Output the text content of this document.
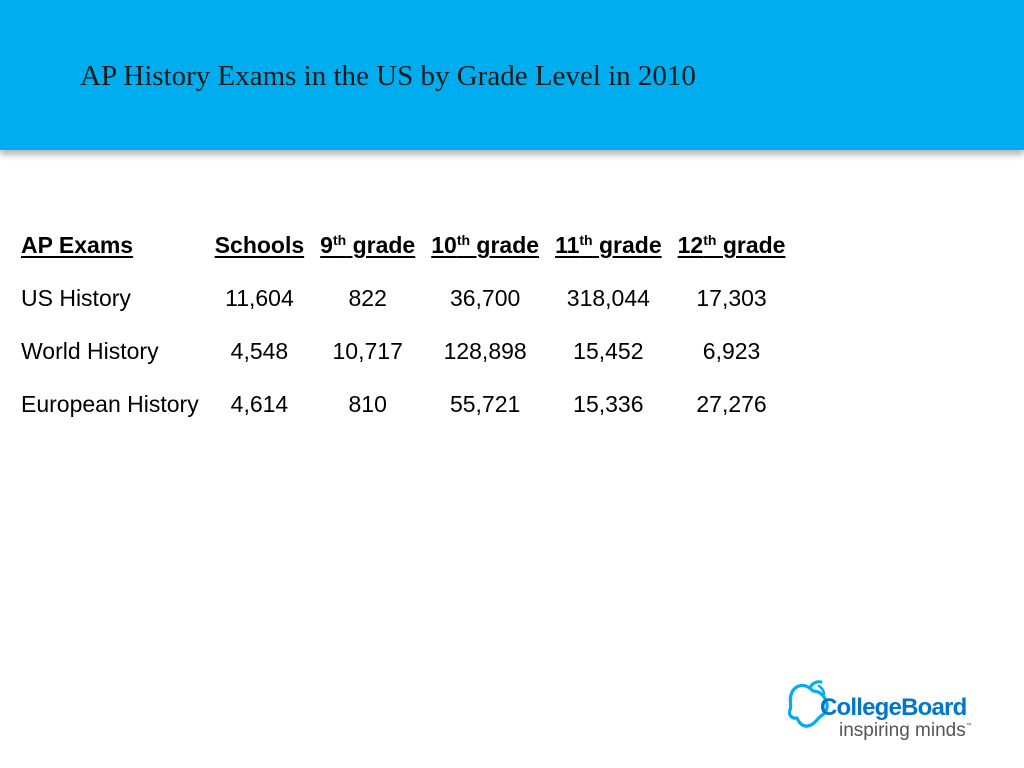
AP History Exams in the US by Grade Level in 2010
AP Exams	Schools	9th grade	10th grade	11th grade	12th grade
US History	11,604	822	36,700	318,044	17,303
World History	4,548	10,717	128,898	15,452	6,923
European History	4,614	810	55,721	15,336	27,276
CollegeBoard
inspiring minds™
